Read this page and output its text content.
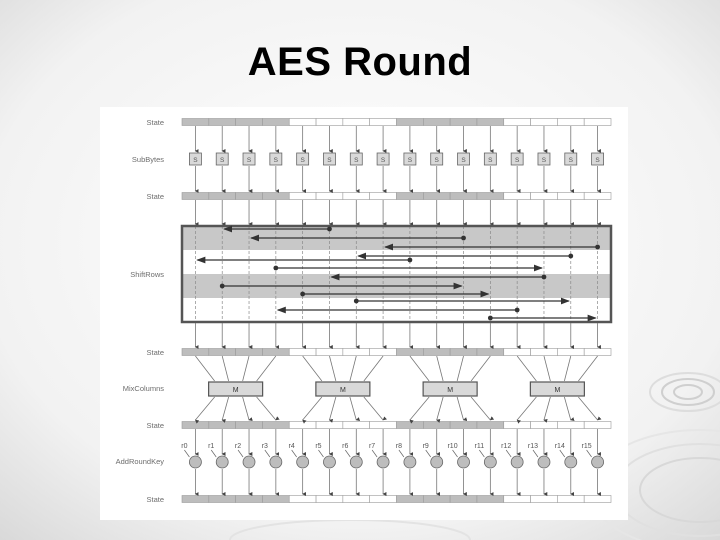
AES Round
State
SubBytes
State
ShiftRows
State
MixColumns
State
AddRoundKey
State
S	S	S	S	S	S	S	S	S	S	S	S	S	S	S	S
M	M	M	M
r0	r1	r2	r3	r4	r5	r6	r7	r8	r9	r10 r11 r12 r13 r14 r15
